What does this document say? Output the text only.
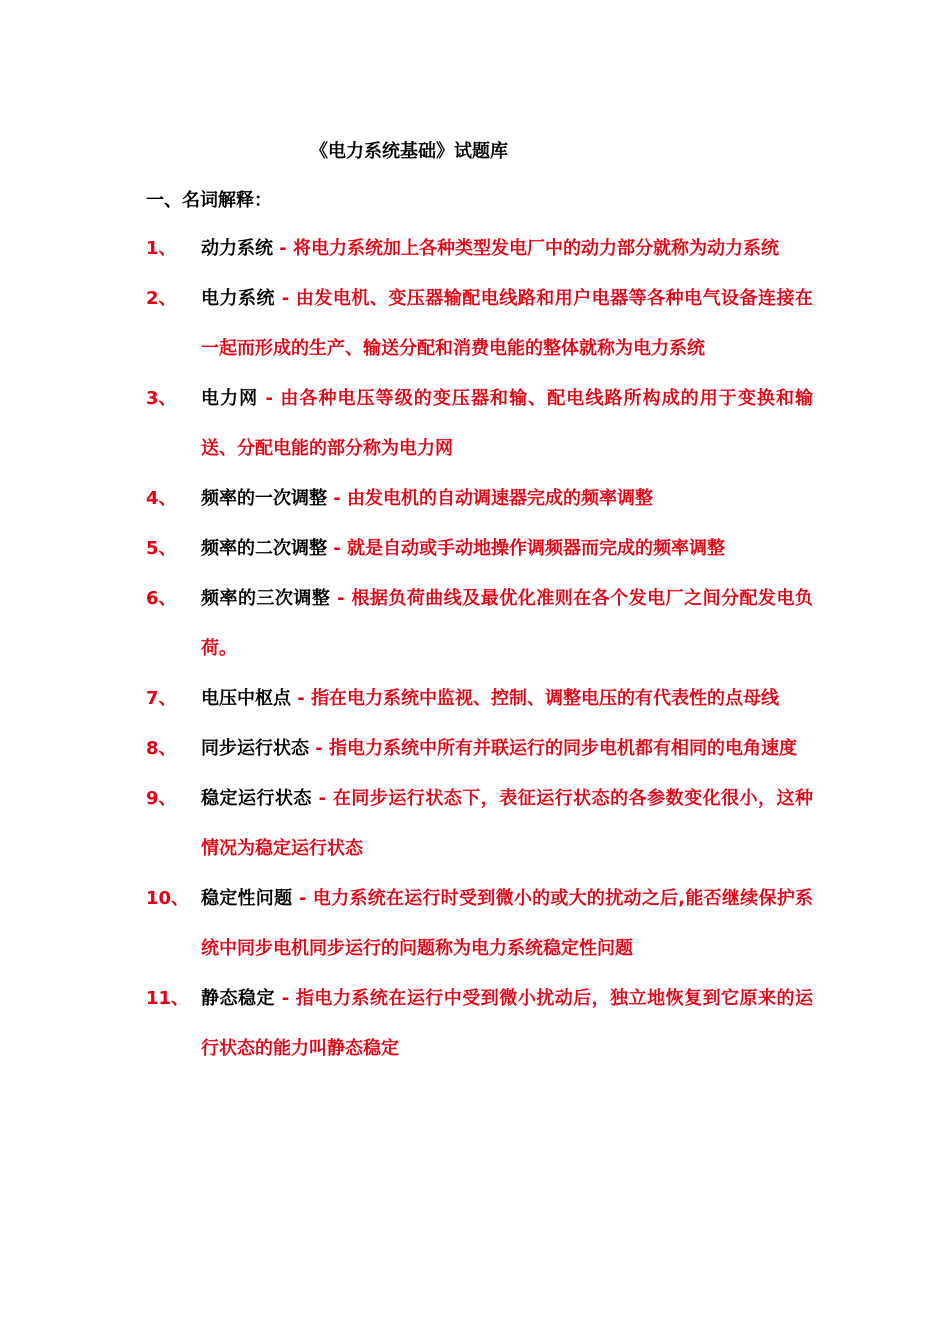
《电力系统基础》试题库
一、名词解释：
1、 动力系统 - 将电力系统加上各种类型发电厂中的动力部分就称为动力系统
2、 电力系统 - 由发电机、变压器输配电线路和用户电器等各种电气设备连接在一起而形成的生产、输送分配和消费电能的整体就称为电力系统
3、 电力网 - 由各种电压等级的变压器和输、配电线路所构成的用于变换和输送、分配电能的部分称为电力网
4、 频率的一次调整 - 由发电机的自动调速器完成的频率调整
5、 频率的二次调整 - 就是自动或手动地操作调频器而完成的频率调整
6、 频率的三次调整 - 根据负荷曲线及最优化准则在各个发电厂之间分配发电负荷。
7、 电压中枢点 - 指在电力系统中监视、控制、调整电压的有代表性的点母线
8、 同步运行状态 - 指电力系统中所有并联运行的同步电机都有相同的电角速度
9、 稳定运行状态 - 在同步运行状态下，表征运行状态的各参数变化很小，这种情况为稳定运行状态
10、 稳定性问题 - 电力系统在运行时受到微小的或大的扰动之后,能否继续保护系统中同步电机同步运行的问题称为电力系统稳定性问题
11、 静态稳定 - 指电力系统在运行中受到微小扰动后，独立地恢复到它原来的运行状态的能力叫静态稳定
